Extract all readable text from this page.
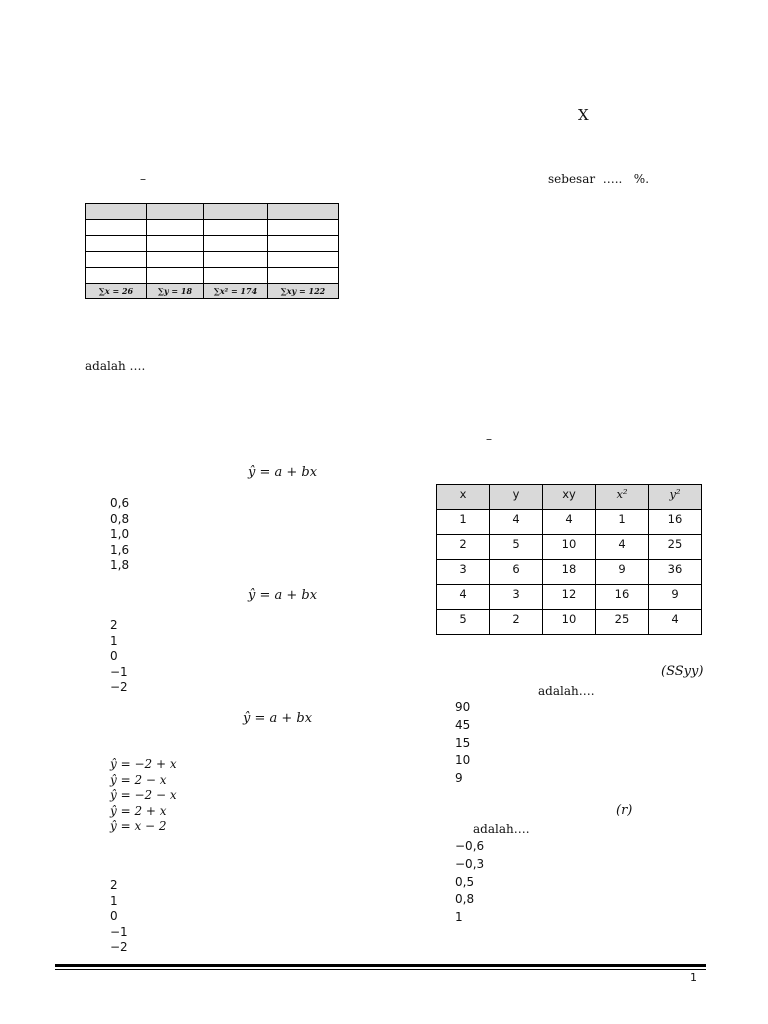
X
–	sebesar  …..   %.

∑x = 26	∑y = 18	∑x² = 174	∑xy = 122
adalah ….
–
ŷ = a + bx
0,6
0,8
1,0
1,6
1,8
ŷ = a + bx
2
1
0
−1
−2
ŷ = a + bx
ŷ = −2 + x
ŷ = 2 − x
ŷ = −2 − x
ŷ = 2 + x
ŷ = x − 2
2
1
0
−1
−2
x	y	xy	x²	y²
1	4	4	1	16
2	5	10	4	25
3	6	18	9	36
4	3	12	16	9
5	2	10	25	4
(SSyy)
adalah….
90
45
15
10
9
(r)
adalah….
−0,6
−0,3
0,5
0,8
1
1
